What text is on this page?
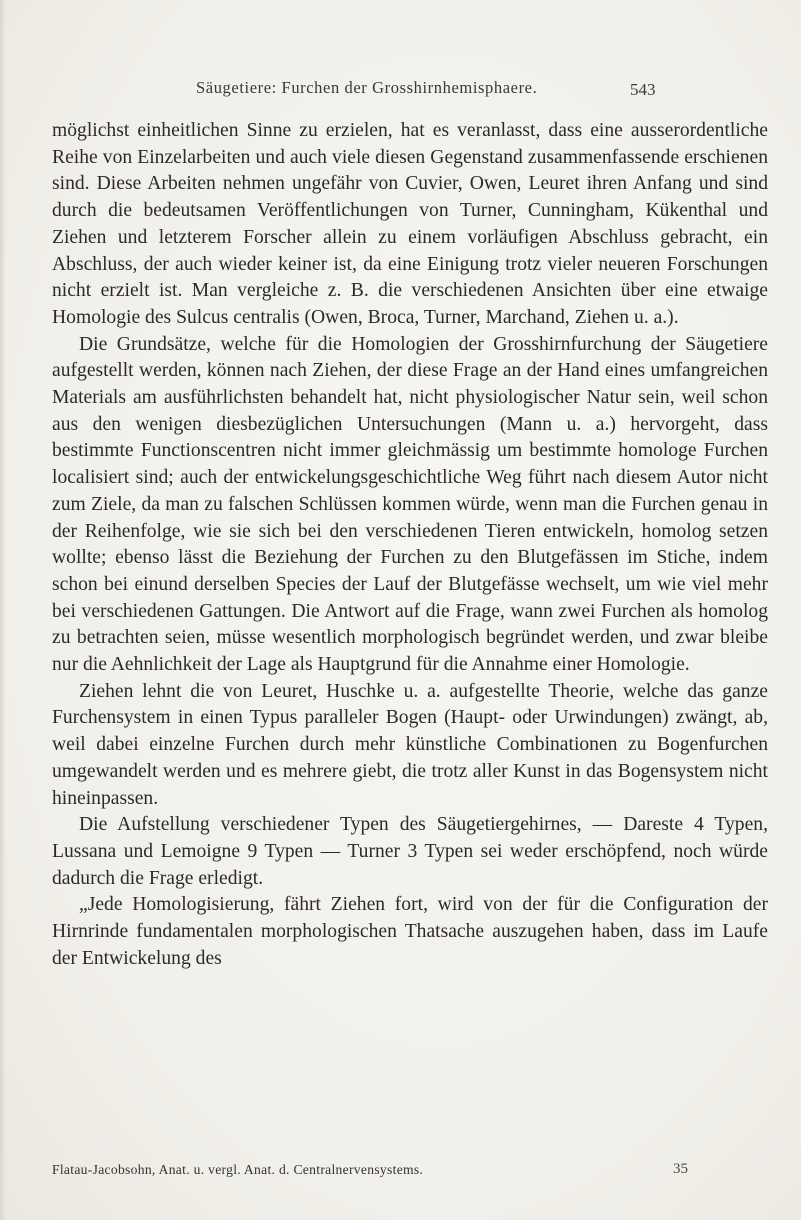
Säugetiere: Furchen der Grosshirnhemisphaere.	543

möglichst einheitlichen Sinne zu erzielen, hat es veranlasst, dass eine ausserordentliche Reihe von Einzelarbeiten und auch viele diesen Gegenstand zusammenfassende erschienen sind. Diese Arbeiten nehmen ungefähr von Cuvier, Owen, Leuret ihren Anfang und sind durch die bedeutsamen Veröffentlichungen von Turner, Cunningham, Kükenthal und Ziehen und letzterem Forscher allein zu einem vorläufigen Abschluss gebracht, ein Abschluss, der auch wieder keiner ist, da eine Einigung trotz vieler neueren Forschungen nicht erzielt ist. Man vergleiche z. B. die verschiedenen Ansichten über eine etwaige Homologie des Sulcus centralis (Owen, Broca, Turner, Marchand, Ziehen u. a.).

Die Grundsätze, welche für die Homologien der Grosshirnfurchung der Säugetiere aufgestellt werden, können nach Ziehen, der diese Frage an der Hand eines umfangreichen Materials am ausführlichsten behandelt hat, nicht physiologischer Natur sein, weil schon aus den wenigen diesbezüglichen Untersuchungen (Mann u. a.) hervorgeht, dass bestimmte Functionscentren nicht immer gleichmässig um bestimmte homologe Furchen localisiert sind; auch der entwickelungsgeschichtliche Weg führt nach diesem Autor nicht zum Ziele, da man zu falschen Schlüssen kommen würde, wenn man die Furchen genau in der Reihenfolge, wie sie sich bei den verschiedenen Tieren entwickeln, homolog setzen wollte; ebenso lässt die Beziehung der Furchen zu den Blutgefässen im Stiche, indem schon bei einund derselben Species der Lauf der Blutgefässe wechselt, um wie viel mehr bei verschiedenen Gattungen. Die Antwort auf die Frage, wann zwei Furchen als homolog zu betrachten seien, müsse wesentlich morphologisch begründet werden, und zwar bleibe nur die Aehnlichkeit der Lage als Hauptgrund für die Annahme einer Homologie.

Ziehen lehnt die von Leuret, Huschke u. a. aufgestellte Theorie, welche das ganze Furchensystem in einen Typus paralleler Bogen (Haupt- oder Urwindungen) zwängt, ab, weil dabei einzelne Furchen durch mehr künstliche Combinationen zu Bogenfurchen umgewandelt werden und es mehrere giebt, die trotz aller Kunst in das Bogensystem nicht hineinpassen.

Die Aufstellung verschiedener Typen des Säugetiergehirnes, — Dareste 4 Typen, Lussana und Lemoigne 9 Typen — Turner 3 Typen sei weder erschöpfend, noch würde dadurch die Frage erledigt.

„Jede Homologisierung, fährt Ziehen fort, wird von der für die Configuration der Hirnrinde fundamentalen morphologischen Thatsache auszugehen haben, dass im Laufe der Entwickelung des

Flatau-Jacobsohn, Anat. u. vergl. Anat. d. Centralnervensystems.	35
